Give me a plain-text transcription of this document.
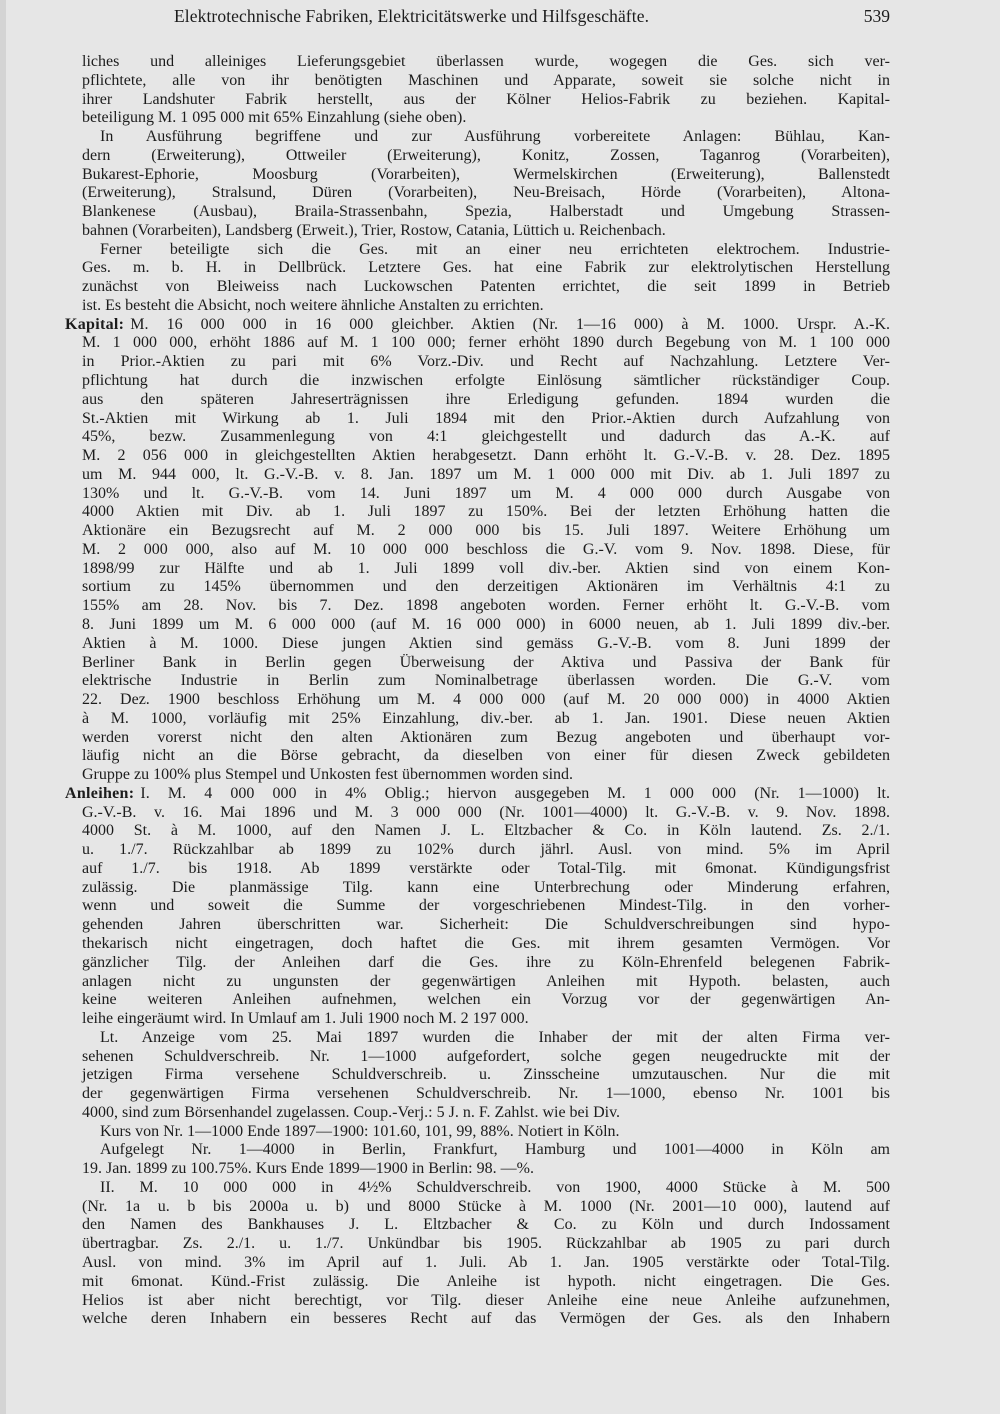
Elektrotechnische Fabriken, Elektricitätswerke und Hilfsgeschäfte.	539
liches und alleiniges Lieferungsgebiet überlassen wurde, wogegen die Ges. sich ver-
pflichtete, alle von ihr benötigten Maschinen und Apparate, soweit sie solche nicht in
ihrer Landshuter Fabrik herstellt, aus der Kölner Helios-Fabrik zu beziehen. Kapital-
beteiligung M. 1 095 000 mit 65% Einzahlung (siehe oben).
In Ausführung begriffene und zur Ausführung vorbereitete Anlagen: Bühlau, Kan-
dern (Erweiterung), Ottweiler (Erweiterung), Konitz, Zossen, Taganrog (Vorarbeiten),
Bukarest-Ephorie, Moosburg (Vorarbeiten), Wermelskirchen (Erweiterung), Ballenstedt
(Erweiterung), Stralsund, Düren (Vorarbeiten), Neu-Breisach, Hörde (Vorarbeiten), Altona-
Blankenese (Ausbau), Braila-Strassenbahn, Spezia, Halberstadt und Umgebung Strassen-
bahnen (Vorarbeiten), Landsberg (Erweit.), Trier, Rostow, Catania, Lüttich u. Reichenbach.
Ferner beteiligte sich die Ges. mit an einer neu errichteten elektrochem. Industrie-
Ges. m. b. H. in Dellbrück. Letztere Ges. hat eine Fabrik zur elektrolytischen Herstellung
zunächst von Bleiweiss nach Luckowschen Patenten errichtet, die seit 1899 in Betrieb
ist. Es besteht die Absicht, noch weitere ähnliche Anstalten zu errichten.
Kapital: M. 16 000 000 in 16 000 gleichber. Aktien (Nr. 1—16 000) à M. 1000. Urspr. A.-K.
M. 1 000 000, erhöht 1886 auf M. 1 100 000; ferner erhöht 1890 durch Begebung von M. 1 100 000
in Prior.-Aktien zu pari mit 6% Vorz.-Div. und Recht auf Nachzahlung. Letztere Ver-
pflichtung hat durch die inzwischen erfolgte Einlösung sämtlicher rückständiger Coup.
aus den späteren Jahreserträgnissen ihre Erledigung gefunden. 1894 wurden die
St.-Aktien mit Wirkung ab 1. Juli 1894 mit den Prior.-Aktien durch Aufzahlung von
45%, bezw. Zusammenlegung von 4:1 gleichgestellt und dadurch das A.-K. auf
M. 2 056 000 in gleichgestellten Aktien herabgesetzt. Dann erhöht lt. G.-V.-B. v. 28. Dez. 1895
um M. 944 000, lt. G.-V.-B. v. 8. Jan. 1897 um M. 1 000 000 mit Div. ab 1. Juli 1897 zu
130% und lt. G.-V.-B. vom 14. Juni 1897 um M. 4 000 000 durch Ausgabe von
4000 Aktien mit Div. ab 1. Juli 1897 zu 150%. Bei der letzten Erhöhung hatten die
Aktionäre ein Bezugsrecht auf M. 2 000 000 bis 15. Juli 1897. Weitere Erhöhung um
M. 2 000 000, also auf M. 10 000 000 beschloss die G.-V. vom 9. Nov. 1898. Diese, für
1898/99 zur Hälfte und ab 1. Juli 1899 voll div.-ber. Aktien sind von einem Kon-
sortium zu 145% übernommen und den derzeitigen Aktionären im Verhältnis 4:1 zu
155% am 28. Nov. bis 7. Dez. 1898 angeboten worden. Ferner erhöht lt. G.-V.-B. vom
8. Juni 1899 um M. 6 000 000 (auf M. 16 000 000) in 6000 neuen, ab 1. Juli 1899 div.-ber.
Aktien à M. 1000. Diese jungen Aktien sind gemäss G.-V.-B. vom 8. Juni 1899 der
Berliner Bank in Berlin gegen Überweisung der Aktiva und Passiva der Bank für
elektrische Industrie in Berlin zum Nominalbetrage überlassen worden. Die G.-V. vom
22. Dez. 1900 beschloss Erhöhung um M. 4 000 000 (auf M. 20 000 000) in 4000 Aktien
à M. 1000, vorläufig mit 25% Einzahlung, div.-ber. ab 1. Jan. 1901. Diese neuen Aktien
werden vorerst nicht den alten Aktionären zum Bezug angeboten und überhaupt vor-
läufig nicht an die Börse gebracht, da dieselben von einer für diesen Zweck gebildeten
Gruppe zu 100% plus Stempel und Unkosten fest übernommen worden sind.
Anleihen: I. M. 4 000 000 in 4% Oblig.; hiervon ausgegeben M. 1 000 000 (Nr. 1—1000) lt.
G.-V.-B. v. 16. Mai 1896 und M. 3 000 000 (Nr. 1001—4000) lt. G.-V.-B. v. 9. Nov. 1898.
4000 St. à M. 1000, auf den Namen J. L. Eltzbacher & Co. in Köln lautend. Zs. 2./1.
u. 1./7. Rückzahlbar ab 1899 zu 102% durch jährl. Ausl. von mind. 5% im April
auf 1./7. bis 1918. Ab 1899 verstärkte oder Total-Tilg. mit 6monat. Kündigungsfrist
zulässig. Die planmässige Tilg. kann eine Unterbrechung oder Minderung erfahren,
wenn und soweit die Summe der vorgeschriebenen Mindest-Tilg. in den vorher-
gehenden Jahren überschritten war. Sicherheit: Die Schuldverschreibungen sind hypo-
thekarisch nicht eingetragen, doch haftet die Ges. mit ihrem gesamten Vermögen. Vor
gänzlicher Tilg. der Anleihen darf die Ges. ihre zu Köln-Ehrenfeld belegenen Fabrik-
anlagen nicht zu ungunsten der gegenwärtigen Anleihen mit Hypoth. belasten, auch
keine weiteren Anleihen aufnehmen, welchen ein Vorzug vor der gegenwärtigen An-
leihe eingeräumt wird. In Umlauf am 1. Juli 1900 noch M. 2 197 000.
Lt. Anzeige vom 25. Mai 1897 wurden die Inhaber der mit der alten Firma ver-
sehenen Schuldverschreib. Nr. 1—1000 aufgefordert, solche gegen neugedruckte mit der
jetzigen Firma versehene Schuldverschreib. u. Zinsscheine umzutauschen. Nur die mit
der gegenwärtigen Firma versehenen Schuldverschreib. Nr. 1—1000, ebenso Nr. 1001 bis
4000, sind zum Börsenhandel zugelassen. Coup.-Verj.: 5 J. n. F. Zahlst. wie bei Div.
Kurs von Nr. 1—1000 Ende 1897—1900: 101.60, 101, 99, 88%. Notiert in Köln.
Aufgelegt Nr. 1—4000 in Berlin, Frankfurt, Hamburg und 1001—4000 in Köln am
19. Jan. 1899 zu 100.75%. Kurs Ende 1899—1900 in Berlin: 98. —%.
II. M. 10 000 000 in 4½% Schuldverschreib. von 1900, 4000 Stücke à M. 500
(Nr. 1a u. b bis 2000a u. b) und 8000 Stücke à M. 1000 (Nr. 2001—10 000), lautend auf
den Namen des Bankhauses J. L. Eltzbacher & Co. zu Köln und durch Indossament
übertragbar. Zs. 2./1. u. 1./7. Unkündbar bis 1905. Rückzahlbar ab 1905 zu pari durch
Ausl. von mind. 3% im April auf 1. Juli. Ab 1. Jan. 1905 verstärkte oder Total-Tilg.
mit 6monat. Künd.-Frist zulässig. Die Anleihe ist hypoth. nicht eingetragen. Die Ges.
Helios ist aber nicht berechtigt, vor Tilg. dieser Anleihe eine neue Anleihe aufzunehmen,
welche deren Inhabern ein besseres Recht auf das Vermögen der Ges. als den Inhabern
